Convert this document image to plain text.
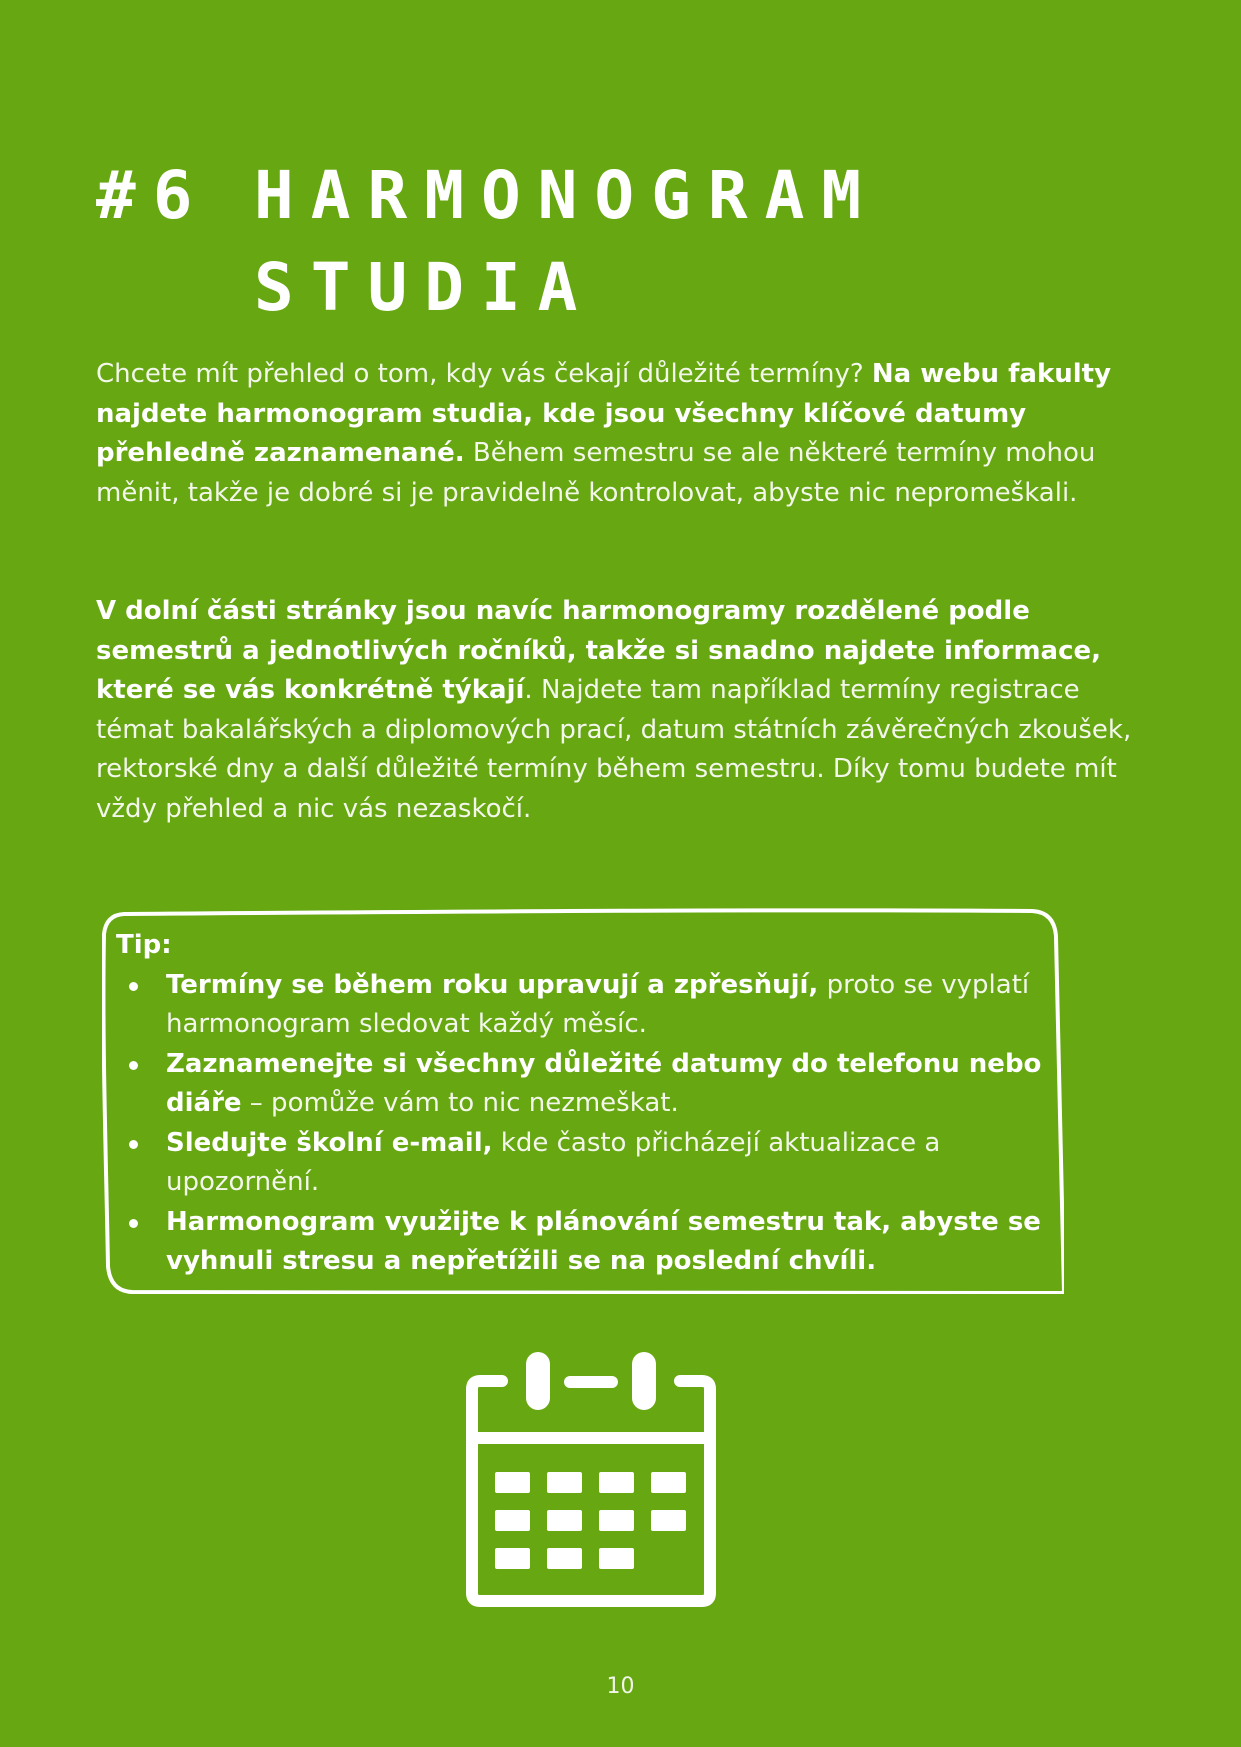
#6 HARMONOGRAM
STUDIA

Chcete mít přehled o tom, kdy vás čekají důležité termíny? Na webu fakulty najdete harmonogram studia, kde jsou všechny klíčové datumy přehledně zaznamenané. Během semestru se ale některé termíny mohou měnit, takže je dobré si je pravidelně kontrolovat, abyste nic nepromeškali.

V dolní části stránky jsou navíc harmonogramy rozdělené podle semestrů a jednotlivých ročníků, takže si snadno najdete informace, které se vás konkrétně týkají. Najdete tam například termíny registrace témat bakalářských a diplomových prací, datum státních závěrečných zkoušek, rektorské dny a další důležité termíny během semestru. Díky tomu budete mít vždy přehled a nic vás nezaskočí.

Tip:

Termíny se během roku upravují a zpřesňují, proto se vyplatí harmonogram sledovat každý měsíc.
Zaznamenejte si všechny důležité datumy do telefonu nebo diáře – pomůže vám to nic nezmeškat.
Sledujte školní e-mail, kde často přicházejí aktualizace a upozornění.
Harmonogram využijte k plánování semestru tak, abyste se vyhnuli stresu a nepřetížili se na poslední chvíli.
10
